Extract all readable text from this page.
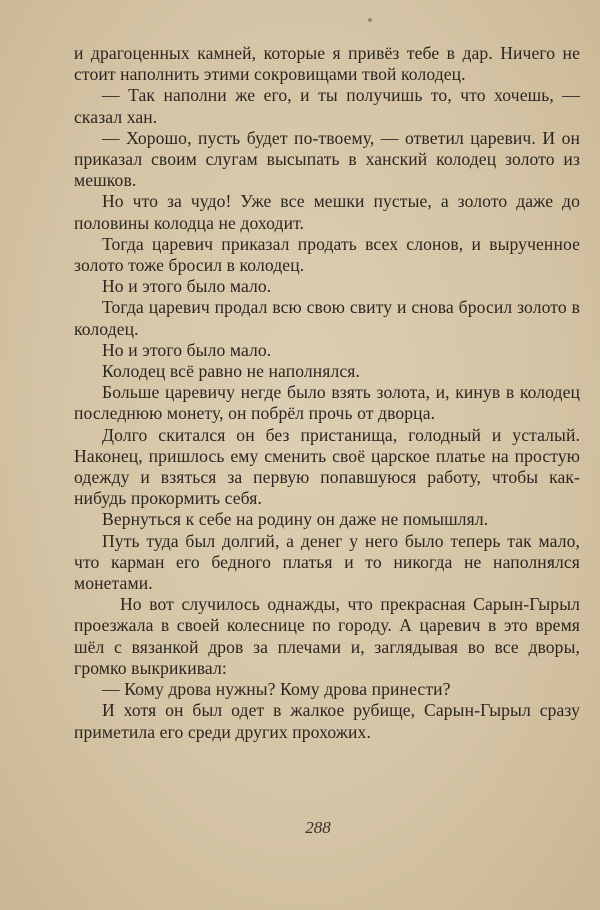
и драгоценных камней, которые я привёз тебе в дар. Ничего не стоит наполнить этими сокровищами твой колодец.

— Так наполни же его, и ты получишь то, что хочешь, — сказал хан.

— Хорошо, пусть будет по-твоему, — ответил царевич. И он приказал своим слугам высыпать в ханский колодец золото из мешков.

Но что за чудо! Уже все мешки пустые, а золото даже до половины колодца не доходит.

Тогда царевич приказал продать всех слонов, и вырученное золото тоже бросил в колодец.

Но и этого было мало.

Тогда царевич продал всю свою свиту и снова бросил золото в колодец.

Но и этого было мало.

Колодец всё равно не наполнялся.

Больше царевичу негде было взять золота, и, кинув в колодец последнюю монету, он побрёл прочь от дворца.

Долго скитался он без пристанища, голодный и усталый. Наконец, пришлось ему сменить своё царское платье на простую одежду и взяться за первую попавшуюся работу, чтобы как-нибудь прокормить себя.

Вернуться к себе на родину он даже не помышлял.

Путь туда был долгий, а денег у него было теперь так мало, что карман его бедного платья и то никогда не наполнялся монетами.

Но вот случилось однажды, что прекрасная Сарын-Гырыл проезжала в своей колеснице по городу. А царевич в это время шёл с вязанкой дров за плечами и, заглядывая во все дворы, громко выкрикивал:

— Кому дрова нужны? Кому дрова принести?

И хотя он был одет в жалкое рубище, Сарын-Гырыл сразу приметила его среди других прохожих.

288
